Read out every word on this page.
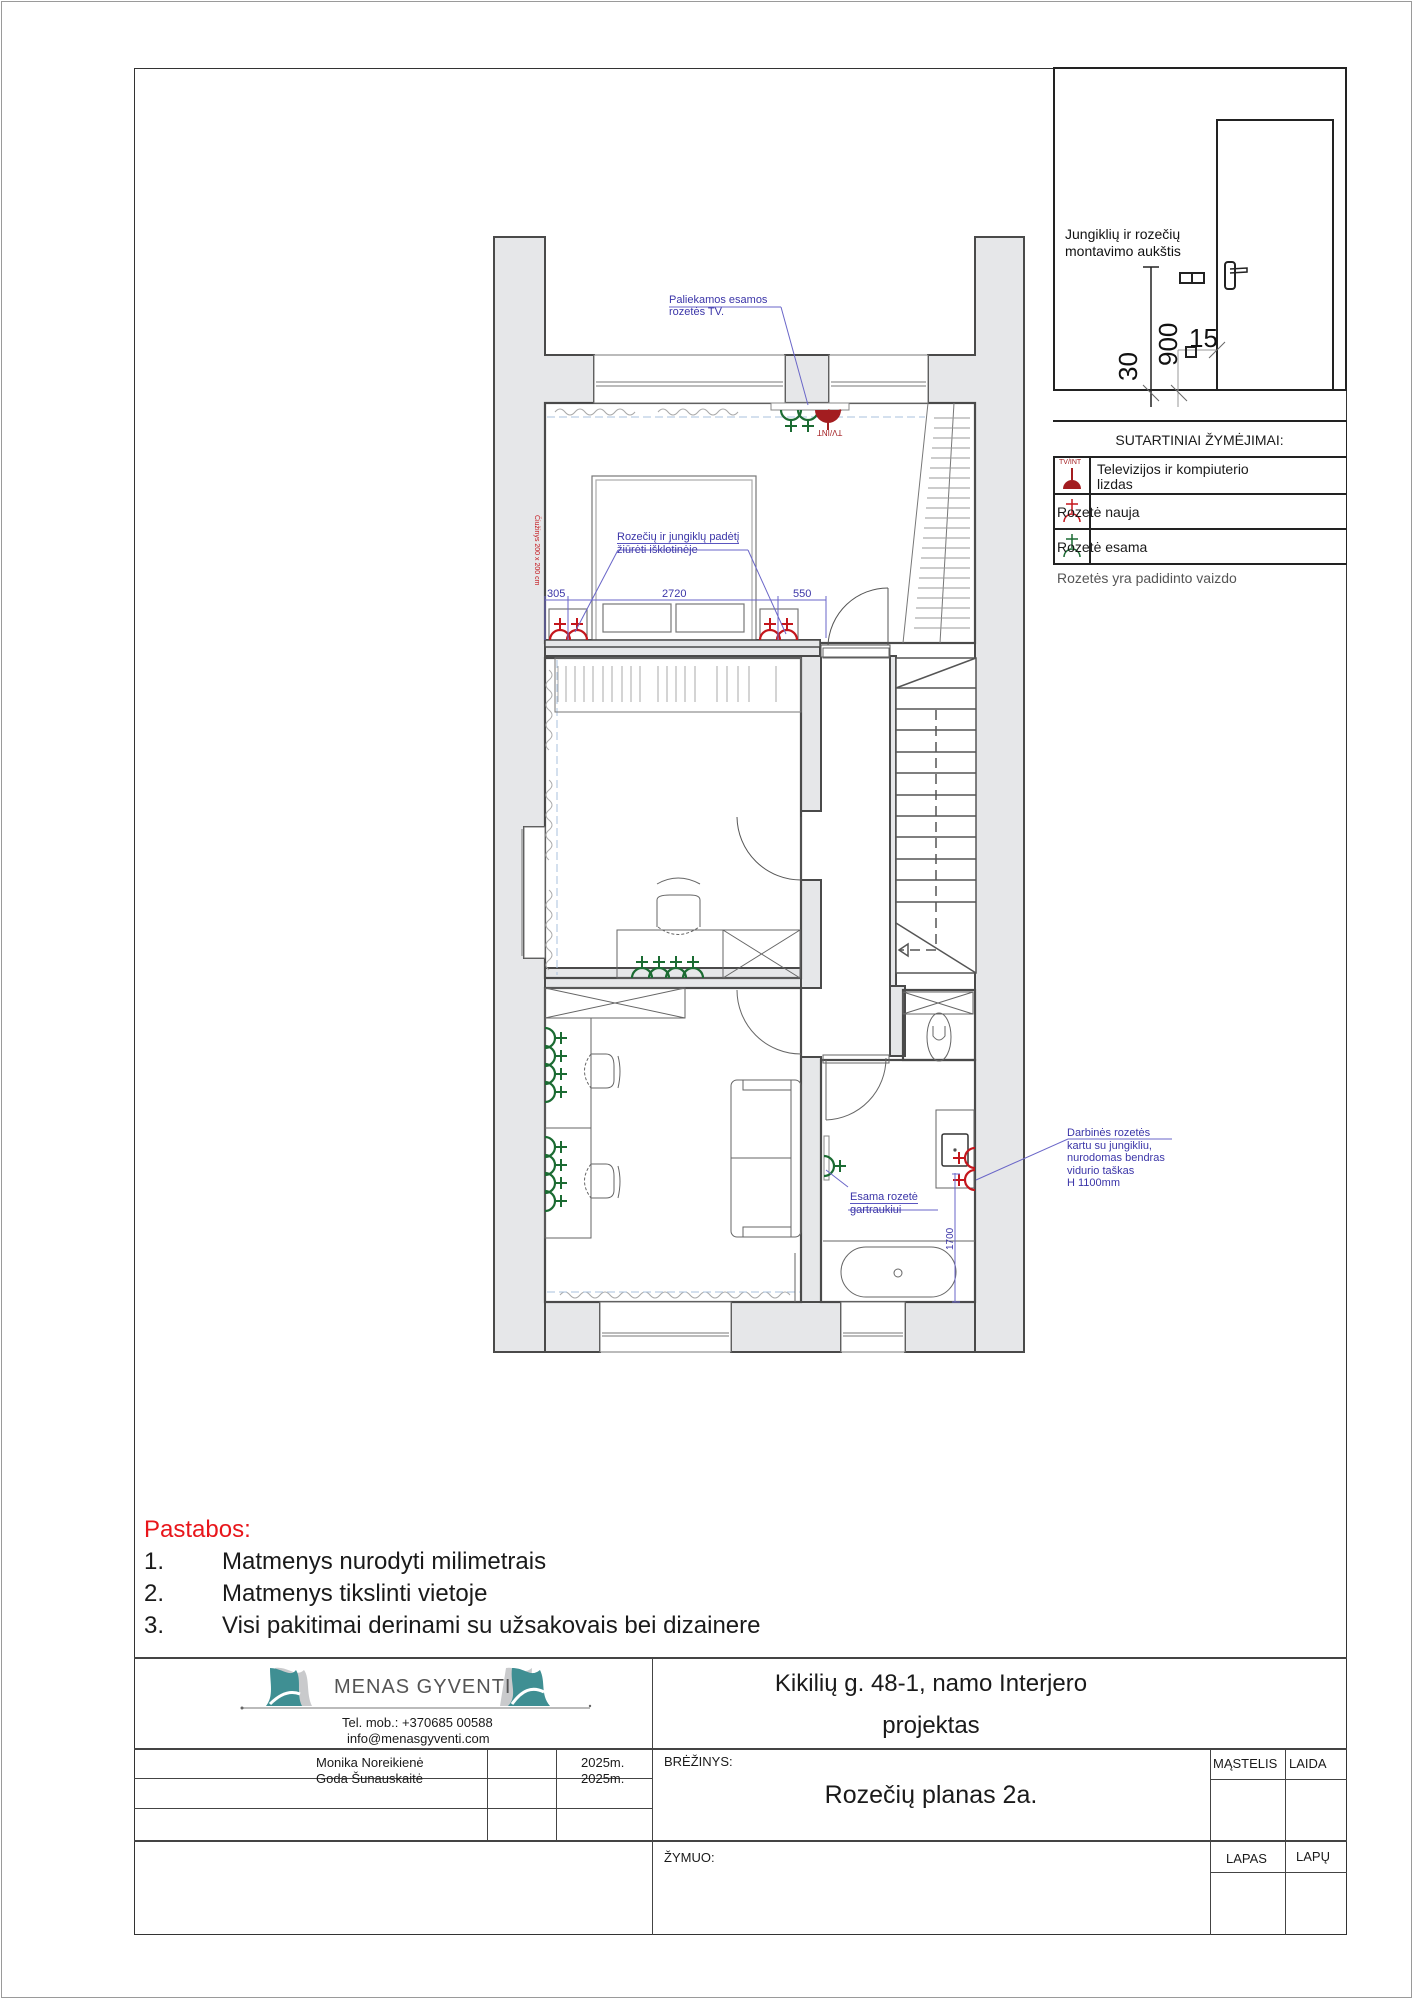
Paliekamos esamos
rozetės TV.
TV/INT
Rozečių ir jungiklų padėtį
žiūrėti išklotinėje
Čiužinys 200 x 200 cm
305	2720	550
Esama rozetė
gartraukiui
Darbinės rozetės
kartu su jungikliu,
nurodomas bendras
vidurio taškas
H 1100mm
1700
Jungiklių ir rozečių
montavimo aukštis
30
900 15
SUTARTINIAI ŽYMĖJIMAI:
TV/INT Televizijos ir kompiuterio
lizdas
Rozetė nauja
Rozetė esama
Rozetės yra padidinto vaizdo
Pastabos:
1. Matmenys nurodyti milimetrais
2. Matmenys tikslinti vietoje
3. Visi pakitimai derinami su užsakovais bei dizainere
MENAS GYVENTI
Tel. mob.: +370685 00588
info@menasgyventi.com
Monika Noreikienė
Goda Šunauskaitė
2025m.
2025m.
Kikilių g. 48-1, namo Interjero
projektas
BRĖŽINYS:
Rozečių planas 2a.
ŽYMUO:
MĄSTELIS LAIDA
LAPAS LAPŲ
